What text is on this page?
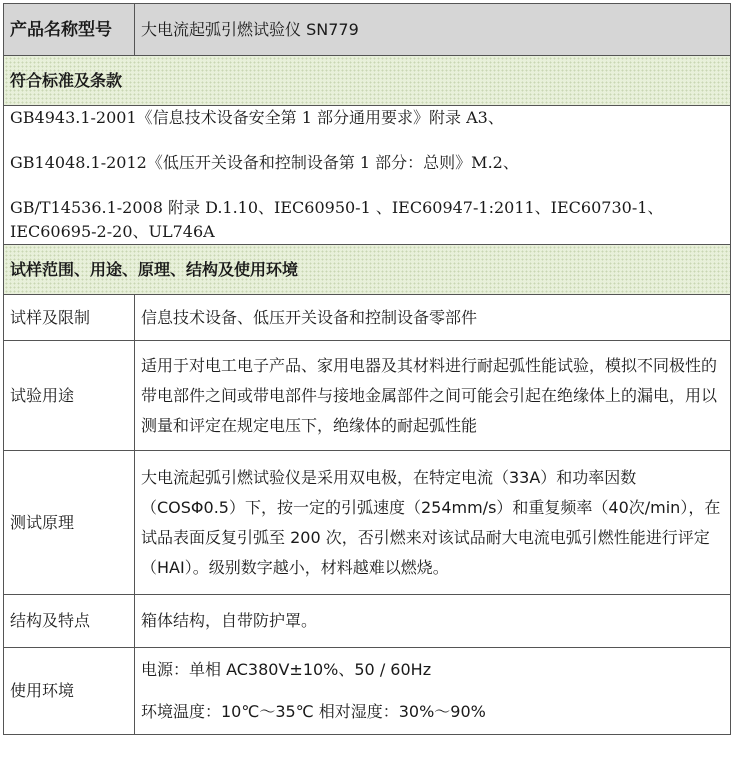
产品名称型号	大电流起弧引燃试验仪 SN779
符合标准及条款	

GB4943.1-2001《信息技术设备安全第 1 部分通用要求》附录 A3、

GB14048.1-2012《低压开关设备和控制设备第 1 部分：总则》M.2、

GB/T14536.1-2008 附录 D.1.10、IEC60950-1 、IEC60947-1:2011、IEC60730-1、IEC60695-2-20、UL746A	

试样范围、用途、原理、结构及使用环境	
试样及限制	信息技术设备、低压开关设备和控制设备零部件
试验用途	适用于对电工电子产品、家用电器及其材料进行耐起弧性能试验，模拟不同极性的带电部件之间或带电部件与接地金属部件之间可能会引起在绝缘体上的漏电，用以测量和评定在规定电压下，绝缘体的耐起弧性能
测试原理	大电流起弧引燃试验仪是采用双电极，在特定电流（33A）和功率因数（COSΦ0.5）下，按一定的引弧速度（254mm/s）和重复频率（40次/min），在试品表面反复引弧至 200 次，否引燃来对该试品耐大电流电弧引燃性能进行评定（HAI）。级别数字越小，材料越难以燃烧。
结构及特点	箱体结构，自带防护罩。
使用环境	电源：单相 AC380V±10%、50 / 60Hz

环境温度：10℃～35℃ 相对湿度：30%～90%
